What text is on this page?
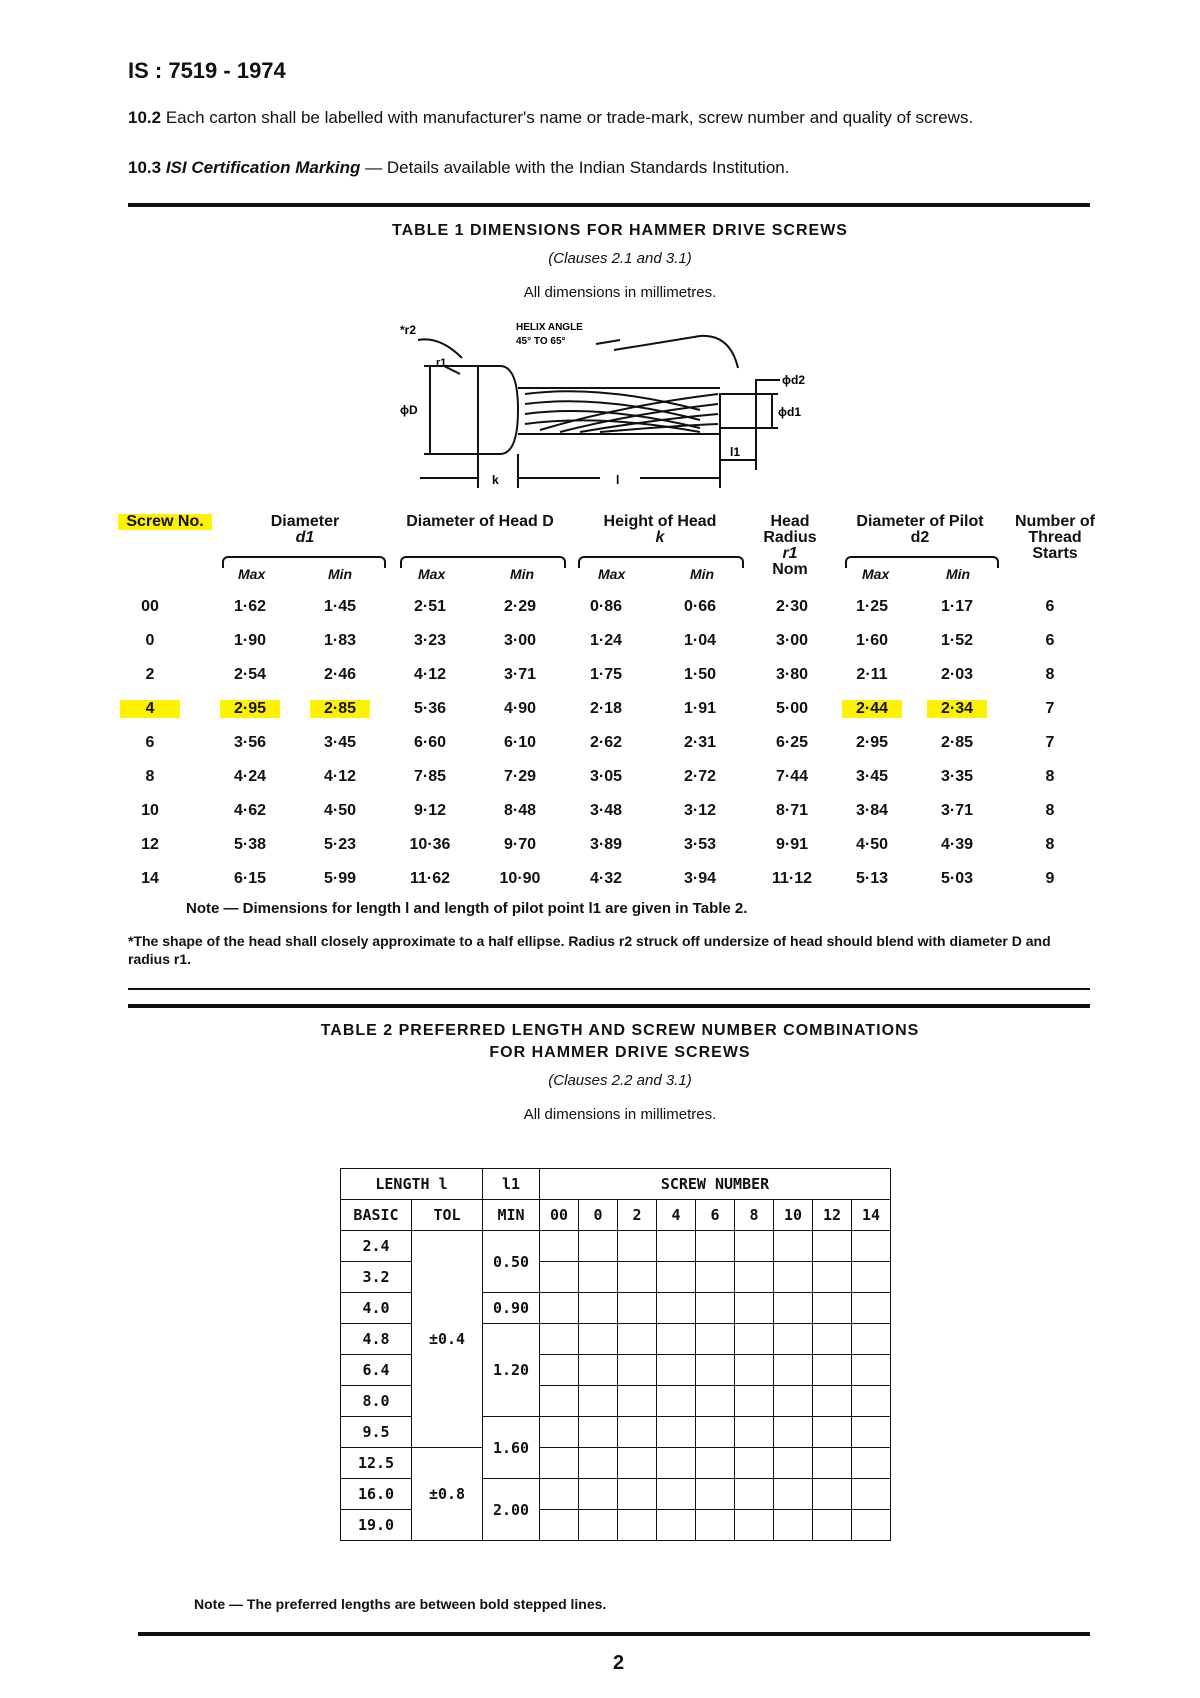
IS : 7519 - 1974
10.2 Each carton shall be labelled with manufacturer's name or trade-mark, screw number and quality of screws.
10.3 ISI Certification Marking — Details available with the Indian Standards Institution.
TABLE 1 DIMENSIONS FOR HAMMER DRIVE SCREWS
(Clauses 2.1 and 3.1)
All dimensions in millimetres.
*r2	HELIX ANGLE
45° TO 65°
ϕd2
r1
ϕD	ϕd1
l1
k	l
Screw No.	Diameter
d1
Diameter of Head D	Height of Head
k
Head Radius
r1
Nom
Diameter of Pilot d2
Number of Thread Starts
Max	Min	Max	Min	Max	Min	Max	Min
00	1·62	1·45	2·51	2·29	0·86	0·66	2·30	1·25	1·17	6
0	1·90	1·83	3·23	3·00	1·24	1·04	3·00	1·60	1·52	6
2	2·54	2·46	4·12	3·71	1·75	1·50	3·80	2·11	2·03	8
4	2·95	2·85	5·36	4·90	2·18	1·91	5·00	2·44	2·34	7
6	3·56	3·45	6·60	6·10	2·62	2·31	6·25	2·95	2·85	7
8	4·24	4·12	7·85	7·29	3·05	2·72	7·44	3·45	3·35	8
10	4·62	4·50	9·12	8·48	3·48	3·12	8·71	3·84	3·71	8
12	5·38	5·23	10·36	9·70	3·89	3·53	9·91	4·50	4·39	8
14	6·15	5·99	11·62	10·90	4·32	3·94	11·12	5·13	5·03	9
Note — Dimensions for length l and length of pilot point l1 are given in Table 2.
*The shape of the head shall closely approximate to a half ellipse. Radius r2 struck off undersize of head should blend with diameter D and radius r1.
TABLE 2 PREFERRED LENGTH AND SCREW NUMBER COMBINATIONS
FOR HAMMER DRIVE SCREWS
(Clauses 2.2 and 3.1)
All dimensions in millimetres.
LENGTH l		l1	SCREW NUMBER								
BASIC	TOL	MIN	00	0	2	4	6	8	10	12	14
2.4	±0.4	0.50									
3.2											
4.0		0.90									
4.8		1.20									
6.4											
8.0											
9.5		1.60									
12.5	±0.8										
16.0		2.00									
19.0											
Note — The preferred lengths are between bold stepped lines.
2
